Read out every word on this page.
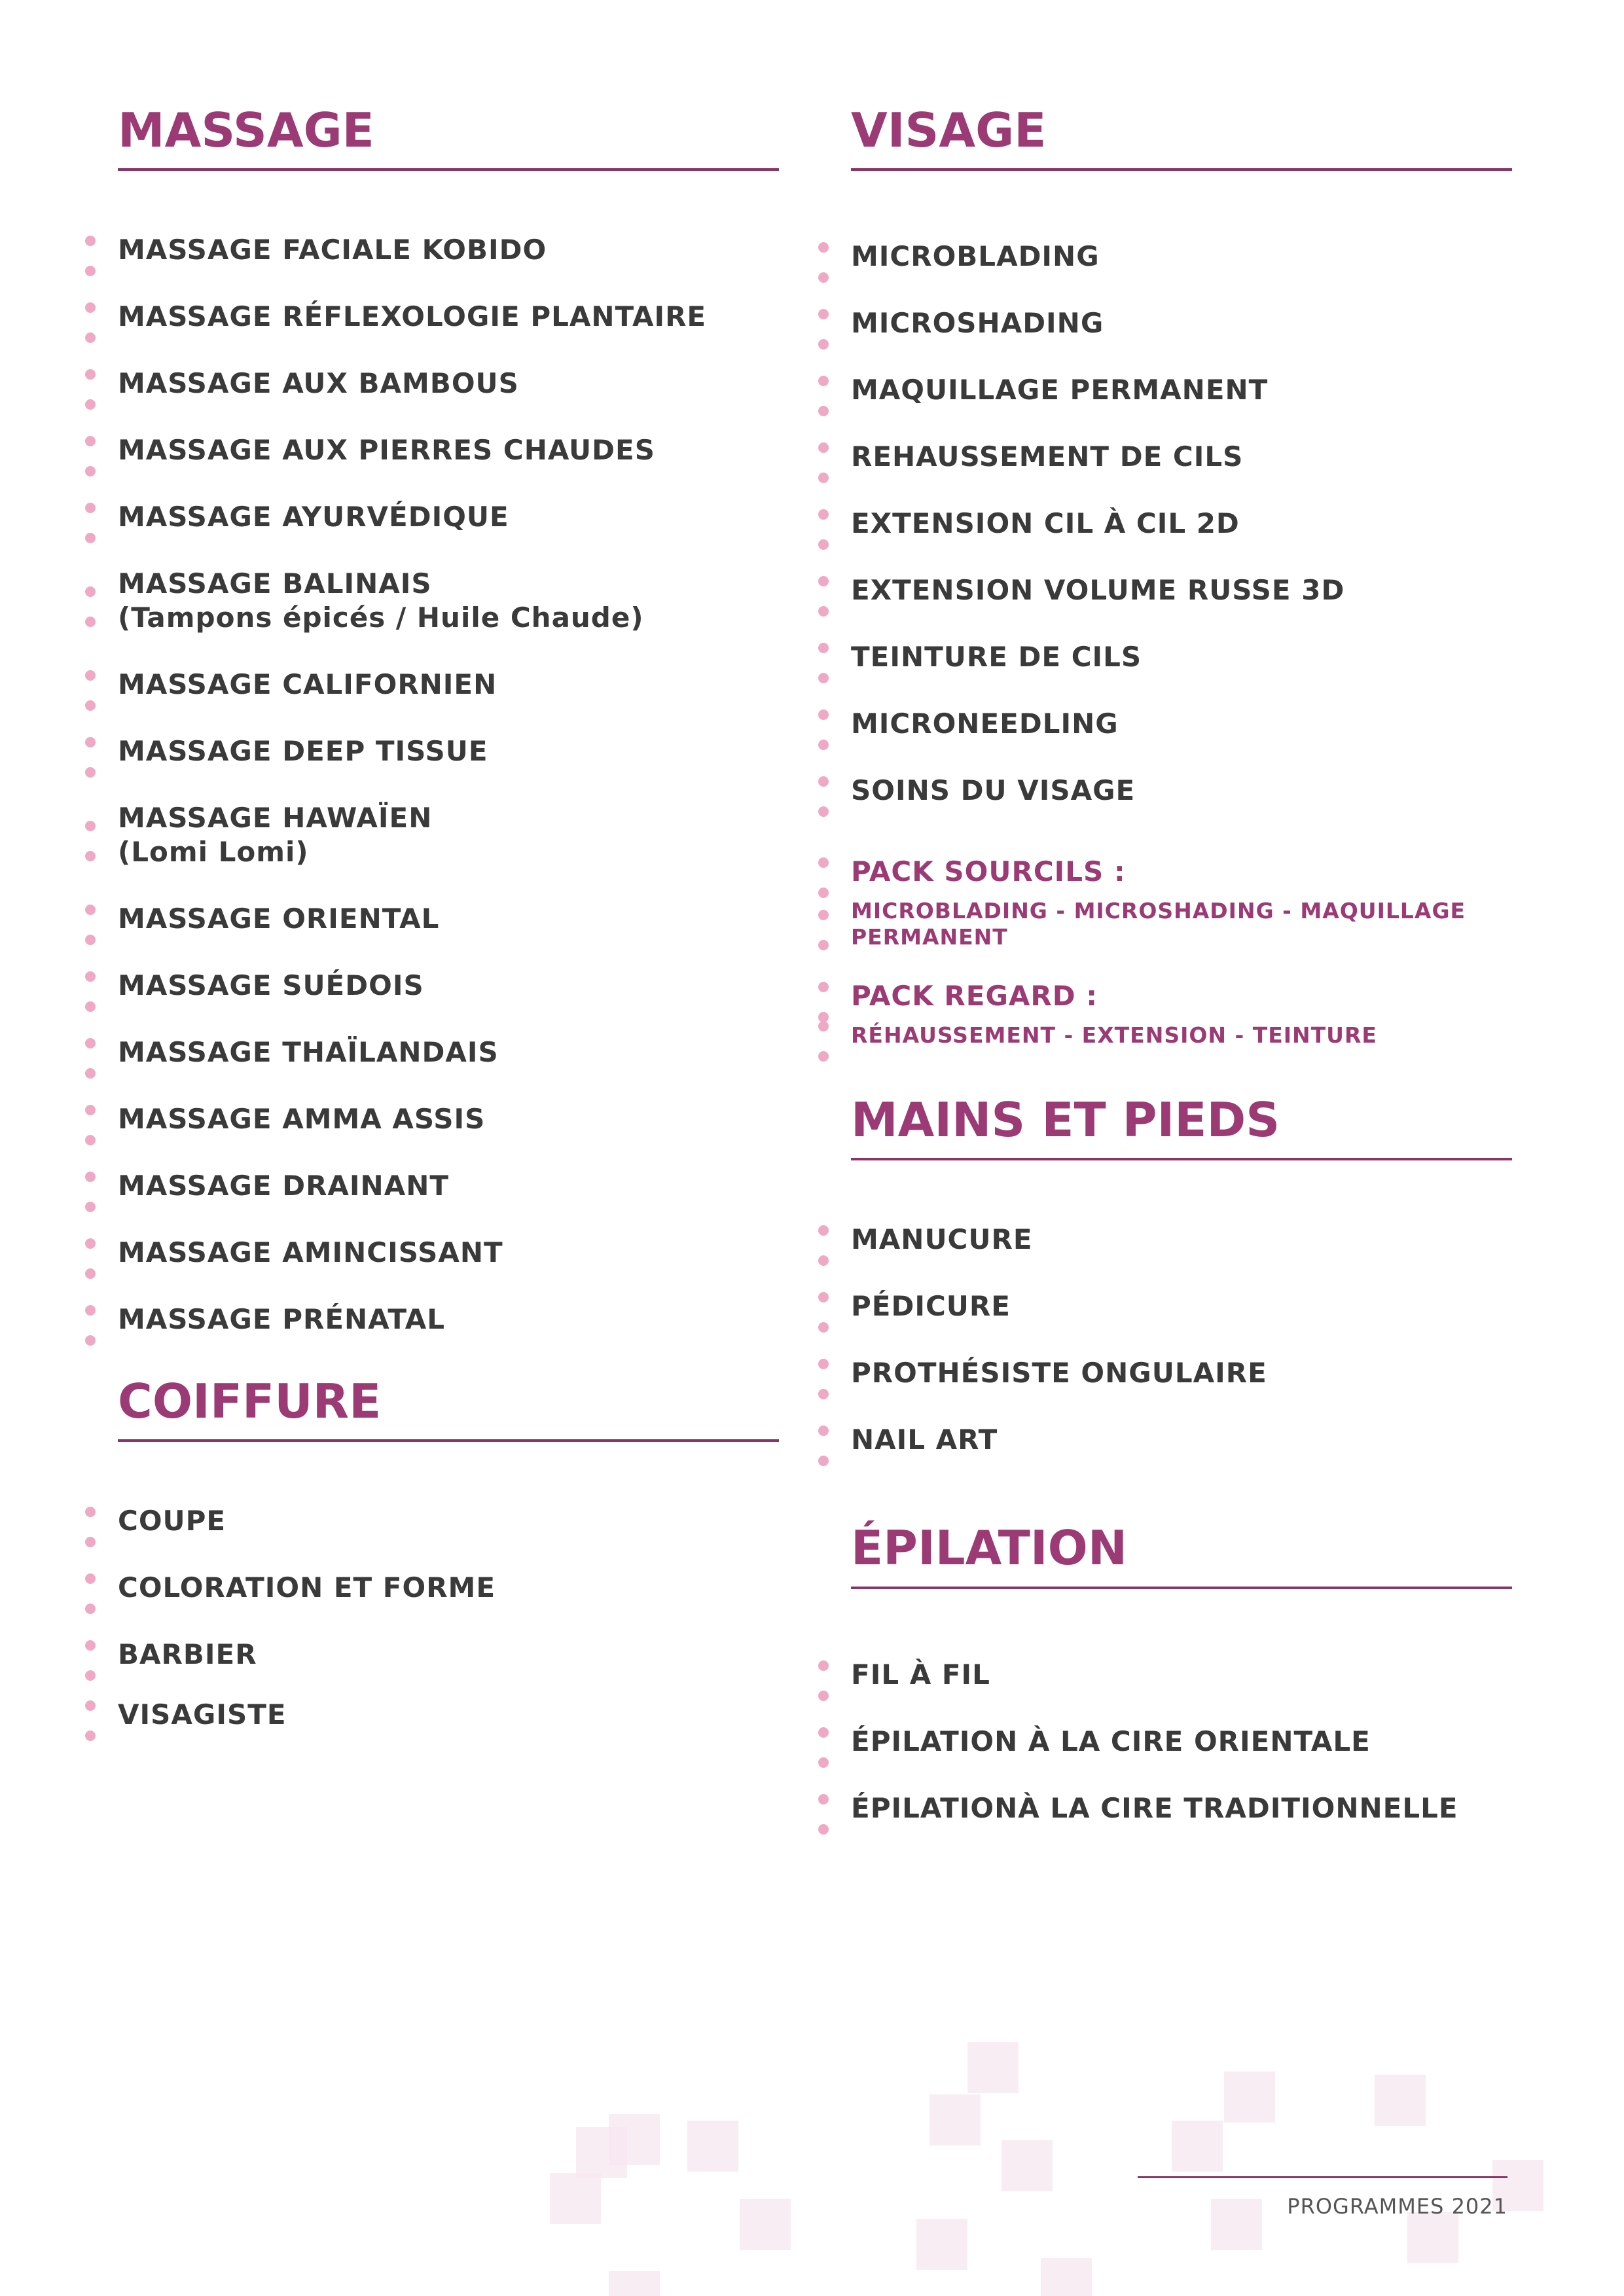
MASSAGE
MASSAGE FACIALE KOBIDO
MASSAGE RÉFLEXOLOGIE PLANTAIRE
MASSAGE AUX BAMBOUS
MASSAGE AUX PIERRES CHAUDES
MASSAGE AYURVÉDIQUE
MASSAGE BALINAIS
(Tampons épicés / Huile Chaude)
MASSAGE CALIFORNIEN
MASSAGE DEEP TISSUE
MASSAGE HAWAÏEN
(Lomi Lomi)
MASSAGE ORIENTAL
MASSAGE SUÉDOIS
MASSAGE THAÏLANDAIS
MASSAGE AMMA ASSIS
MASSAGE DRAINANT
MASSAGE AMINCISSANT
MASSAGE PRÉNATAL
COIFFURE
COUPE
COLORATION ET FORME
BARBIER
VISAGISTE
VISAGE
MICROBLADING
MICROSHADING
MAQUILLAGE PERMANENT
REHAUSSEMENT DE CILS
EXTENSION CIL À CIL 2D
EXTENSION VOLUME RUSSE 3D
TEINTURE DE CILS
MICRONEEDLING
SOINS DU VISAGE
PACK SOURCILS :
MICROBLADING - MICROSHADING - MAQUILLAGE PERMANENT
PACK REGARD :
RÉHAUSSEMENT - EXTENSION - TEINTURE
MAINS ET PIEDS
MANUCURE
PÉDICURE
PROTHÉSISTE ONGULAIRE
NAIL ART
ÉPILATION
FIL À FIL
ÉPILATION À LA CIRE ORIENTALE
ÉPILATIONÀ LA CIRE TRADITIONNELLE
PROGRAMMES 2021
